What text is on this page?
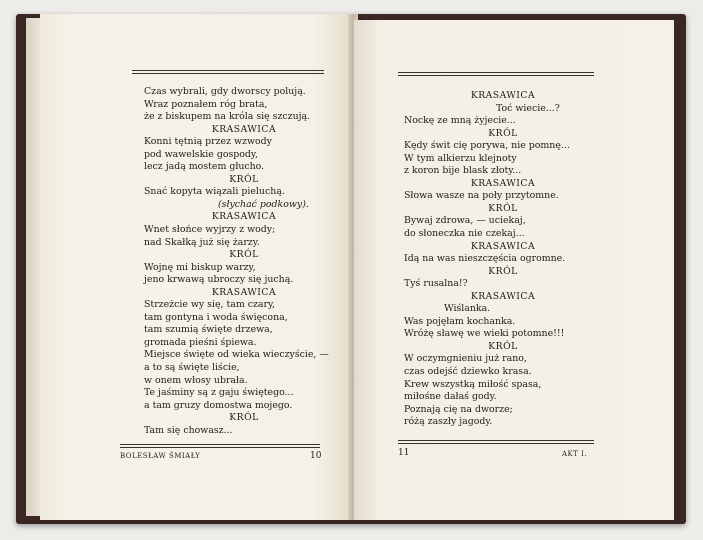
Czas wybrali, gdy dworscy polują.
Wraz poznałem róg brata,
że z biskupem na króla się szczują.
KRASAWICA
Konni tętnią przez wzwody
pod wawelskie gospody,
lecz jadą mostem głucho.
KRÓL
Snać kopyta wiązali pieluchą.
(słychać podkowy).
KRASAWICA
Wnet słońce wyjrzy z wody;
nad Skałką już się żarzy.
KRÓL
Wojnę mi biskup warzy,
jeno krwawą ubroczy się juchą.
KRASAWICA
Strzeżcie wy się, tam czary,
tam gontyna i woda święcona,
tam szumią święte drzewa,
gromada pieśni śpiewa.
Miejsce święte od wieka wieczyście, —
a to są święte liście,
w onem włosy ubrała.
Te jaśminy są z gaju świętego...
a tam gruzy domostwa mojego.
KRÓL
Tam się chowasz...
BOLESŁAW ŚMIAŁY	10
KRASAWICA
Toć wiecie...?
Nockę ze mną żyjecie...
KRÓL
Kędy świt cię porywa, nie pomnę...
W tym alkierzu klejnoty
z koron bije blask złoty...
KRASAWICA
Słowa wasze na poły przytomne.
KRÓL
Bywaj zdrowa, — uciekaj,
do słoneczka nie czekaj...
KRASAWICA
Idą na was nieszczęścia ogromne.
KRÓL
Tyś rusalna!?
KRASAWICA
Wiślanka.
Was pojęłam kochanka.
Wróżę sławę we wieki potomne!!!
KRÓL
W oczymgnieniu już rano,
czas odejść dziewko krasa.
Krew wszystką miłość spasa,
miłośne dałaś gody.
Poznają cię na dworze;
różą zaszły jagody.
11	AKT I.
